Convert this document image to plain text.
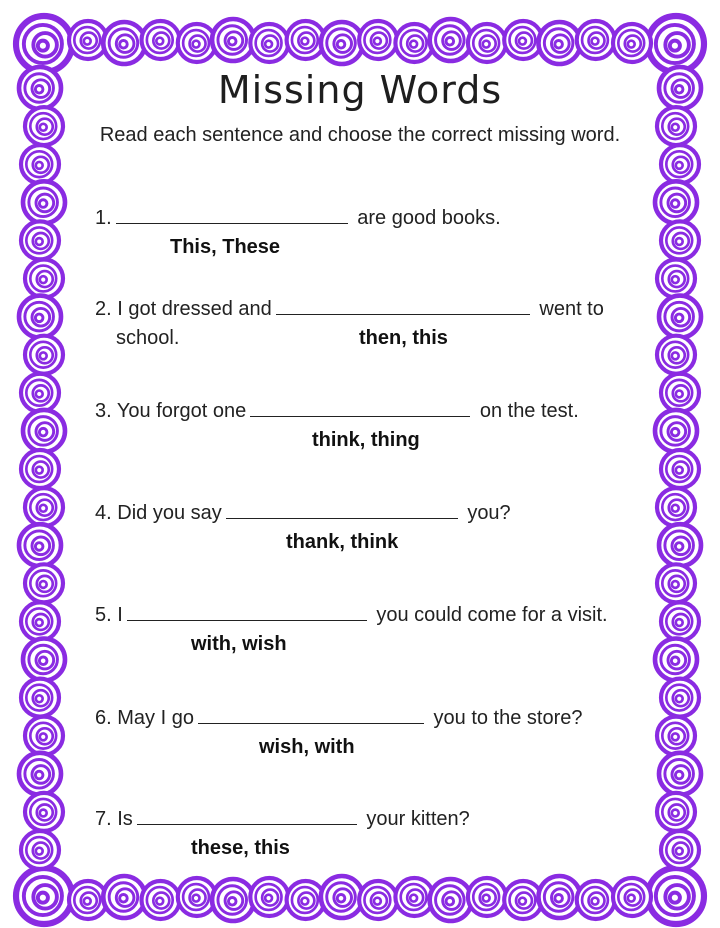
Missing Words
Read each sentence and choose the correct missing word.
1.	are good books.
This, These
2. I got dressed and	went to
school.	then, this
3. You forgot one	on the test.
think, thing
4. Did you say	you?
thank, think
5. I	you could come for a visit.
with, wish
6. May I go	you to the store?
wish, with
7. Is	your kitten?
these, this
